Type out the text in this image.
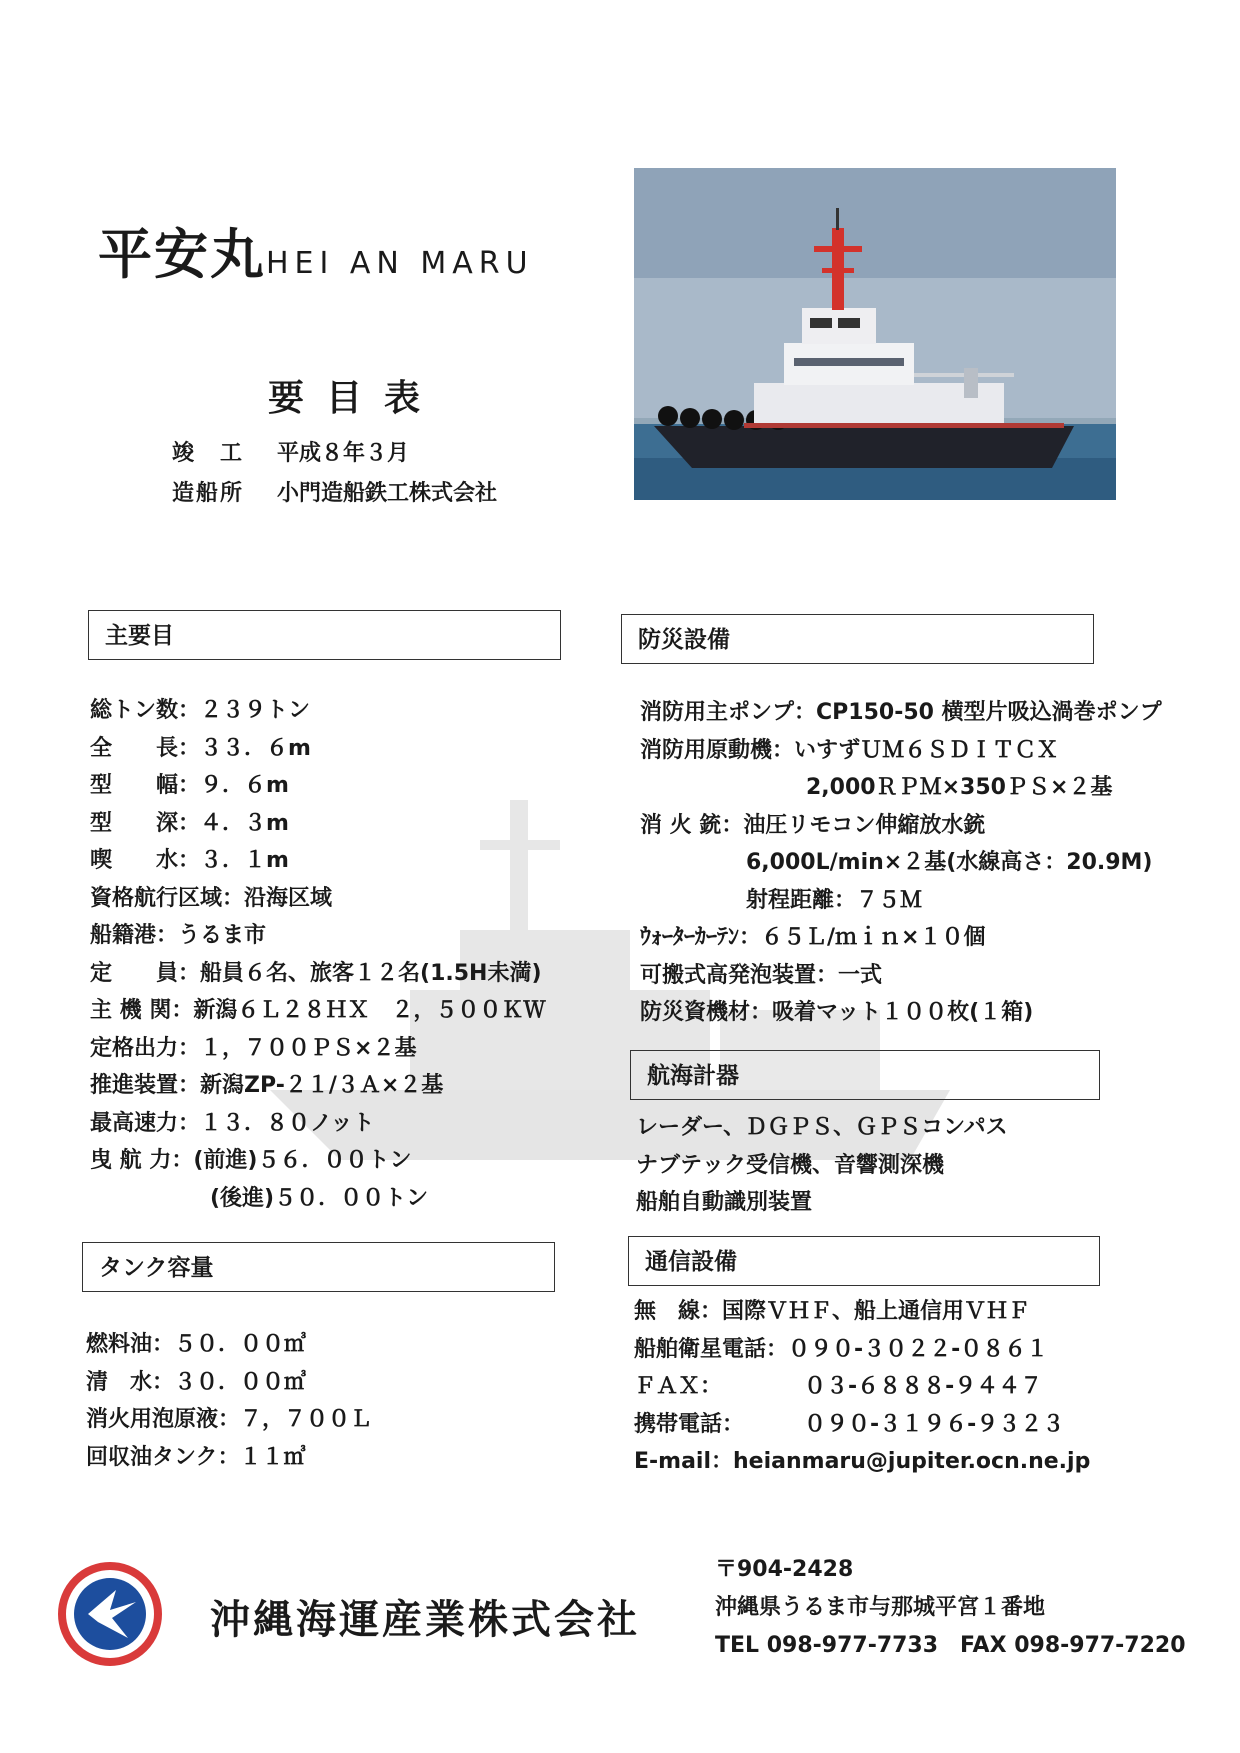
平安丸HEI AN MARU
要目表
竣　工 平成８年３月
造船所 小門造船鉄工株式会社
主要目
総トン数：２３９トン
全　　長：３３．６m
型　　幅：９．６m
型　　深：４．３m
喫　　水：３．１m
資格航行区域：沿海区域
船籍港：うるま市
定　　員：船員６名、旅客１２名(1.5H未満)
主 機 関：新潟６Ｌ２８ＨＸ　２，５００ＫＷ
定格出力：１，７００ＰＳ×２基
推進装置：新潟ZP-２１/３Ａ×２基
最高速力：１３．８０ノット
曳 航 力：(前進)５６．００トン
(後進)５０．００トン
タンク容量
燃料油：５０．００㎥
清　水：３０．００㎥
消火用泡原液：７，７００Ｌ
回収油タンク：１１㎥
防災設備
消防用主ポンプ：CP150-50 横型片吸込渦巻ポンプ
消防用原動機：いすずＵＭ６ＳＤＩＴＣＸ
2,000ＲＰＭ×350ＰＳ×２基
消 火 銃：油圧リモコン伸縮放水銃
6,000L/min×２基(水線高さ：20.9M)
射程距離：７５Ｍ
ｳｫｰﾀｰｶｰﾃﾝ：６５Ｌ/ｍｉｎ×１０個
可搬式高発泡装置：一式
防災資機材：吸着マット１００枚(１箱)
航海計器
レーダー、ＤＧＰＳ、ＧＰＳコンパス
ナブテック受信機、音響測深機
船舶自動識別装置
通信設備
無　線：国際ＶＨＦ、船上通信用ＶＨＦ
船舶衛星電話：０９０-３０２２-０８６１
ＦＡＸ：	０３-６８８８-９４４７
携帯電話：	０９０-３１９６-９３２３
E-mail：heianmaru@jupiter.ocn.ne.jp
沖縄海運産業株式会社
〒904-2428
沖縄県うるま市与那城平宮１番地
TEL 098-977-7733　FAX 098-977-7220
